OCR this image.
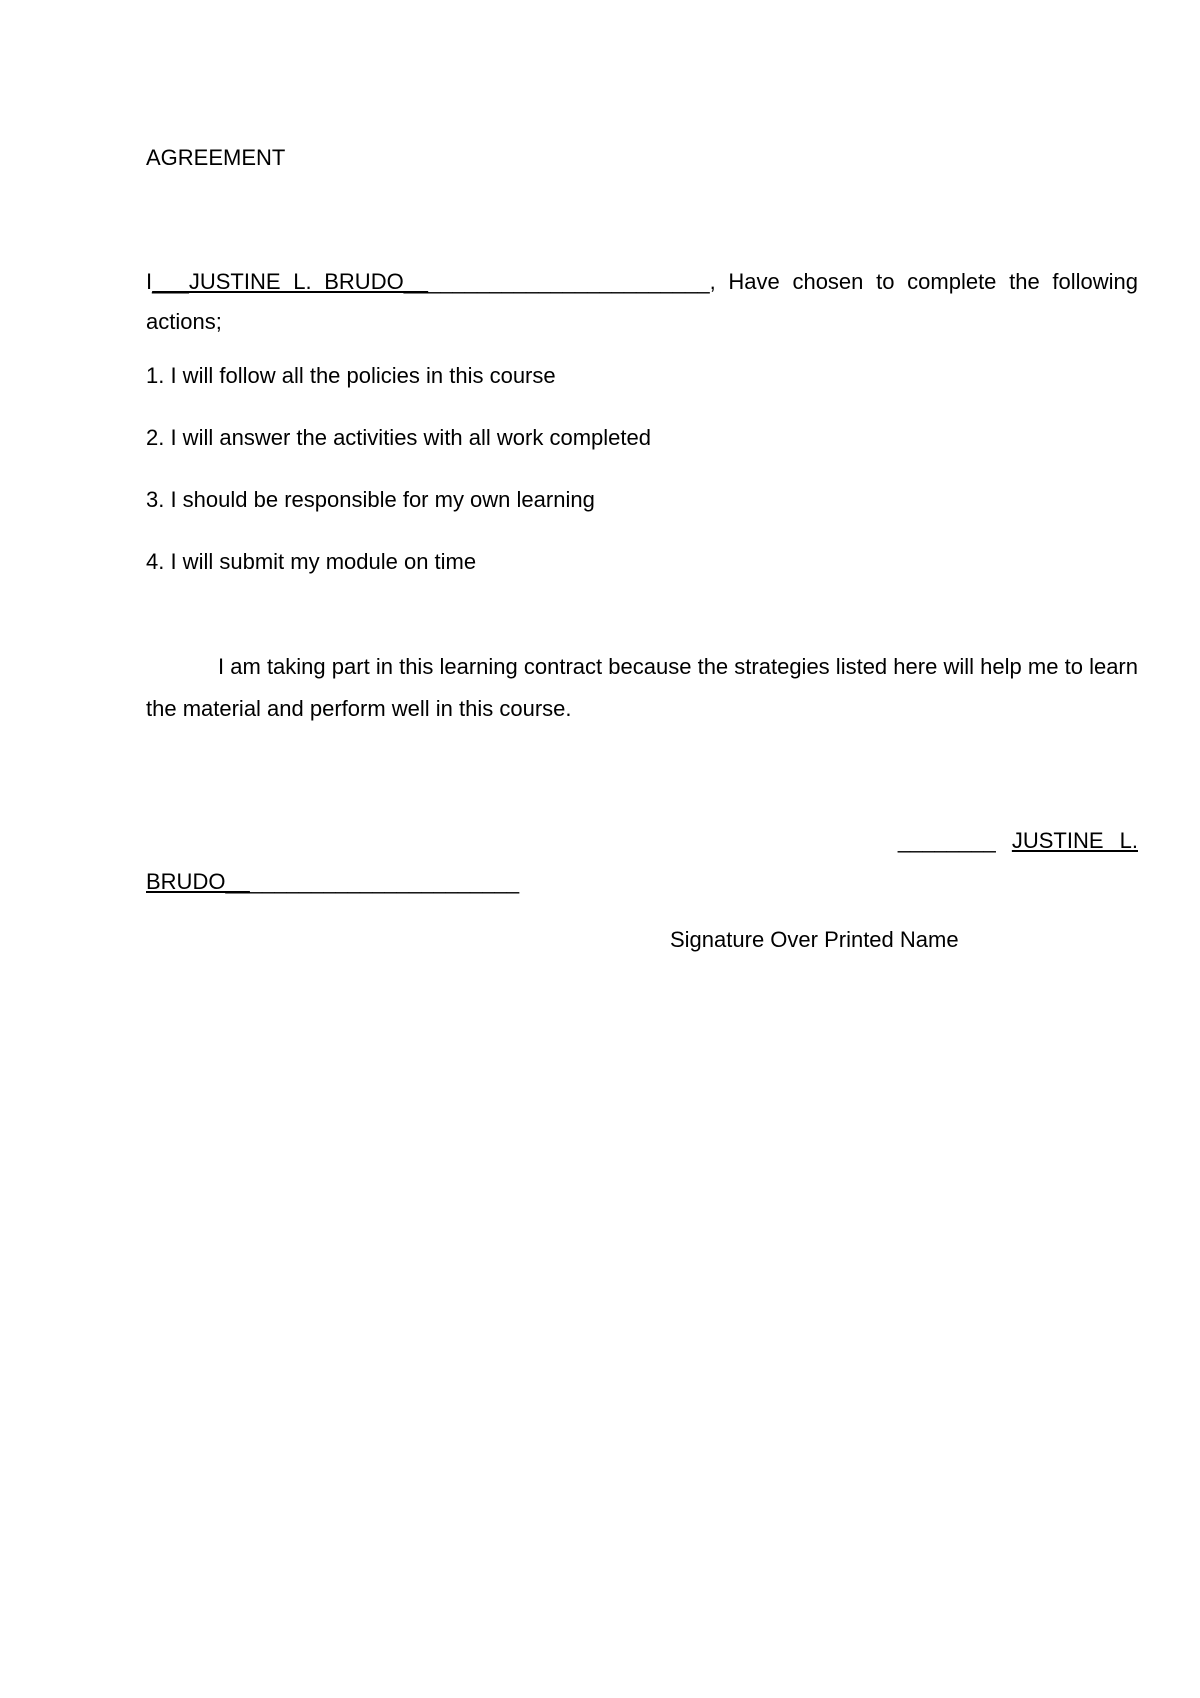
AGREEMENT

I___JUSTINE L. BRUDO_________________________, Have chosen to complete the following actions;

1. I will follow all the policies in this course
2. I will answer the activities with all work completed
3. I should be responsible for my own learning
4. I will submit my module on time

I am taking part in this learning contract because the strategies listed here will help me to learn the material and perform well in this course.

________ JUSTINE L.

BRUDO________________________

Signature Over Printed Name
